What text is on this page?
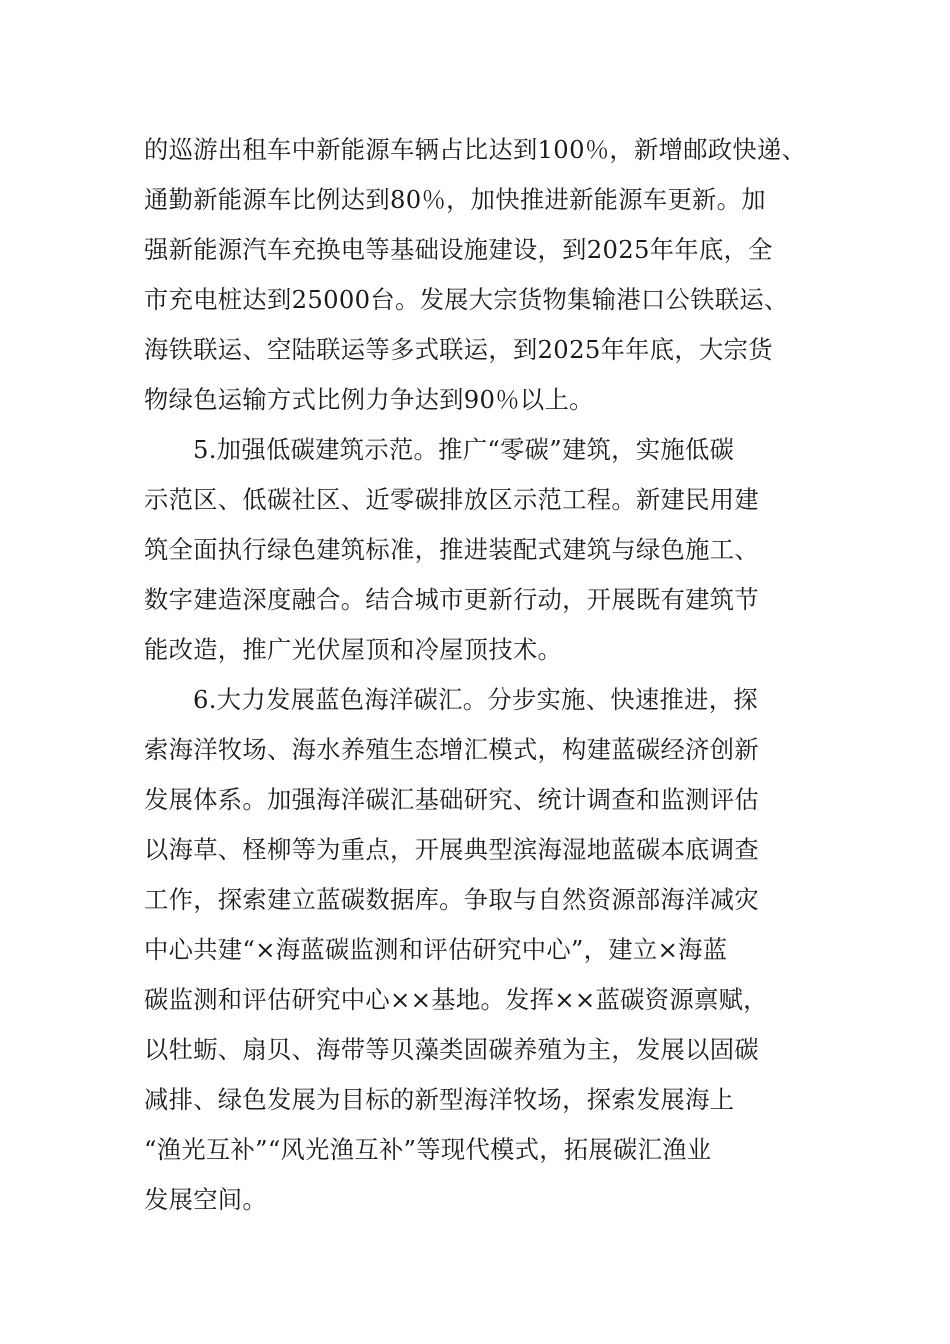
的巡游出租车中新能源车辆占比达到100％，新增邮政快递、
通勤新能源车比例达到80％，加快推进新能源车更新。加
强新能源汽车充换电等基础设施建设，到2025年年底，全
市充电桩达到25000台。发展大宗货物集输港口公铁联运、
海铁联运、空陆联运等多式联运，到2025年年底，大宗货
物绿色运输方式比例力争达到90％以上。
5.加强低碳建筑示范。推广“零碳”建筑，实施低碳
示范区、低碳社区、近零碳排放区示范工程。新建民用建
筑全面执行绿色建筑标准，推进装配式建筑与绿色施工、
数字建造深度融合。结合城市更新行动，开展既有建筑节
能改造，推广光伏屋顶和冷屋顶技术。
6.大力发展蓝色海洋碳汇。分步实施、快速推进，探
索海洋牧场、海水养殖生态增汇模式，构建蓝碳经济创新
发展体系。加强海洋碳汇基础研究、统计调查和监测评估
以海草、柽柳等为重点，开展典型滨海湿地蓝碳本底调查
工作，探索建立蓝碳数据库。争取与自然资源部海洋减灾
中心共建“×海蓝碳监测和评估研究中心”，建立×海蓝
碳监测和评估研究中心××基地。发挥××蓝碳资源禀赋，
以牡蛎、扇贝、海带等贝藻类固碳养殖为主，发展以固碳
减排、绿色发展为目标的新型海洋牧场，探索发展海上
“渔光互补”“风光渔互补”等现代模式，拓展碳汇渔业
发展空间。
